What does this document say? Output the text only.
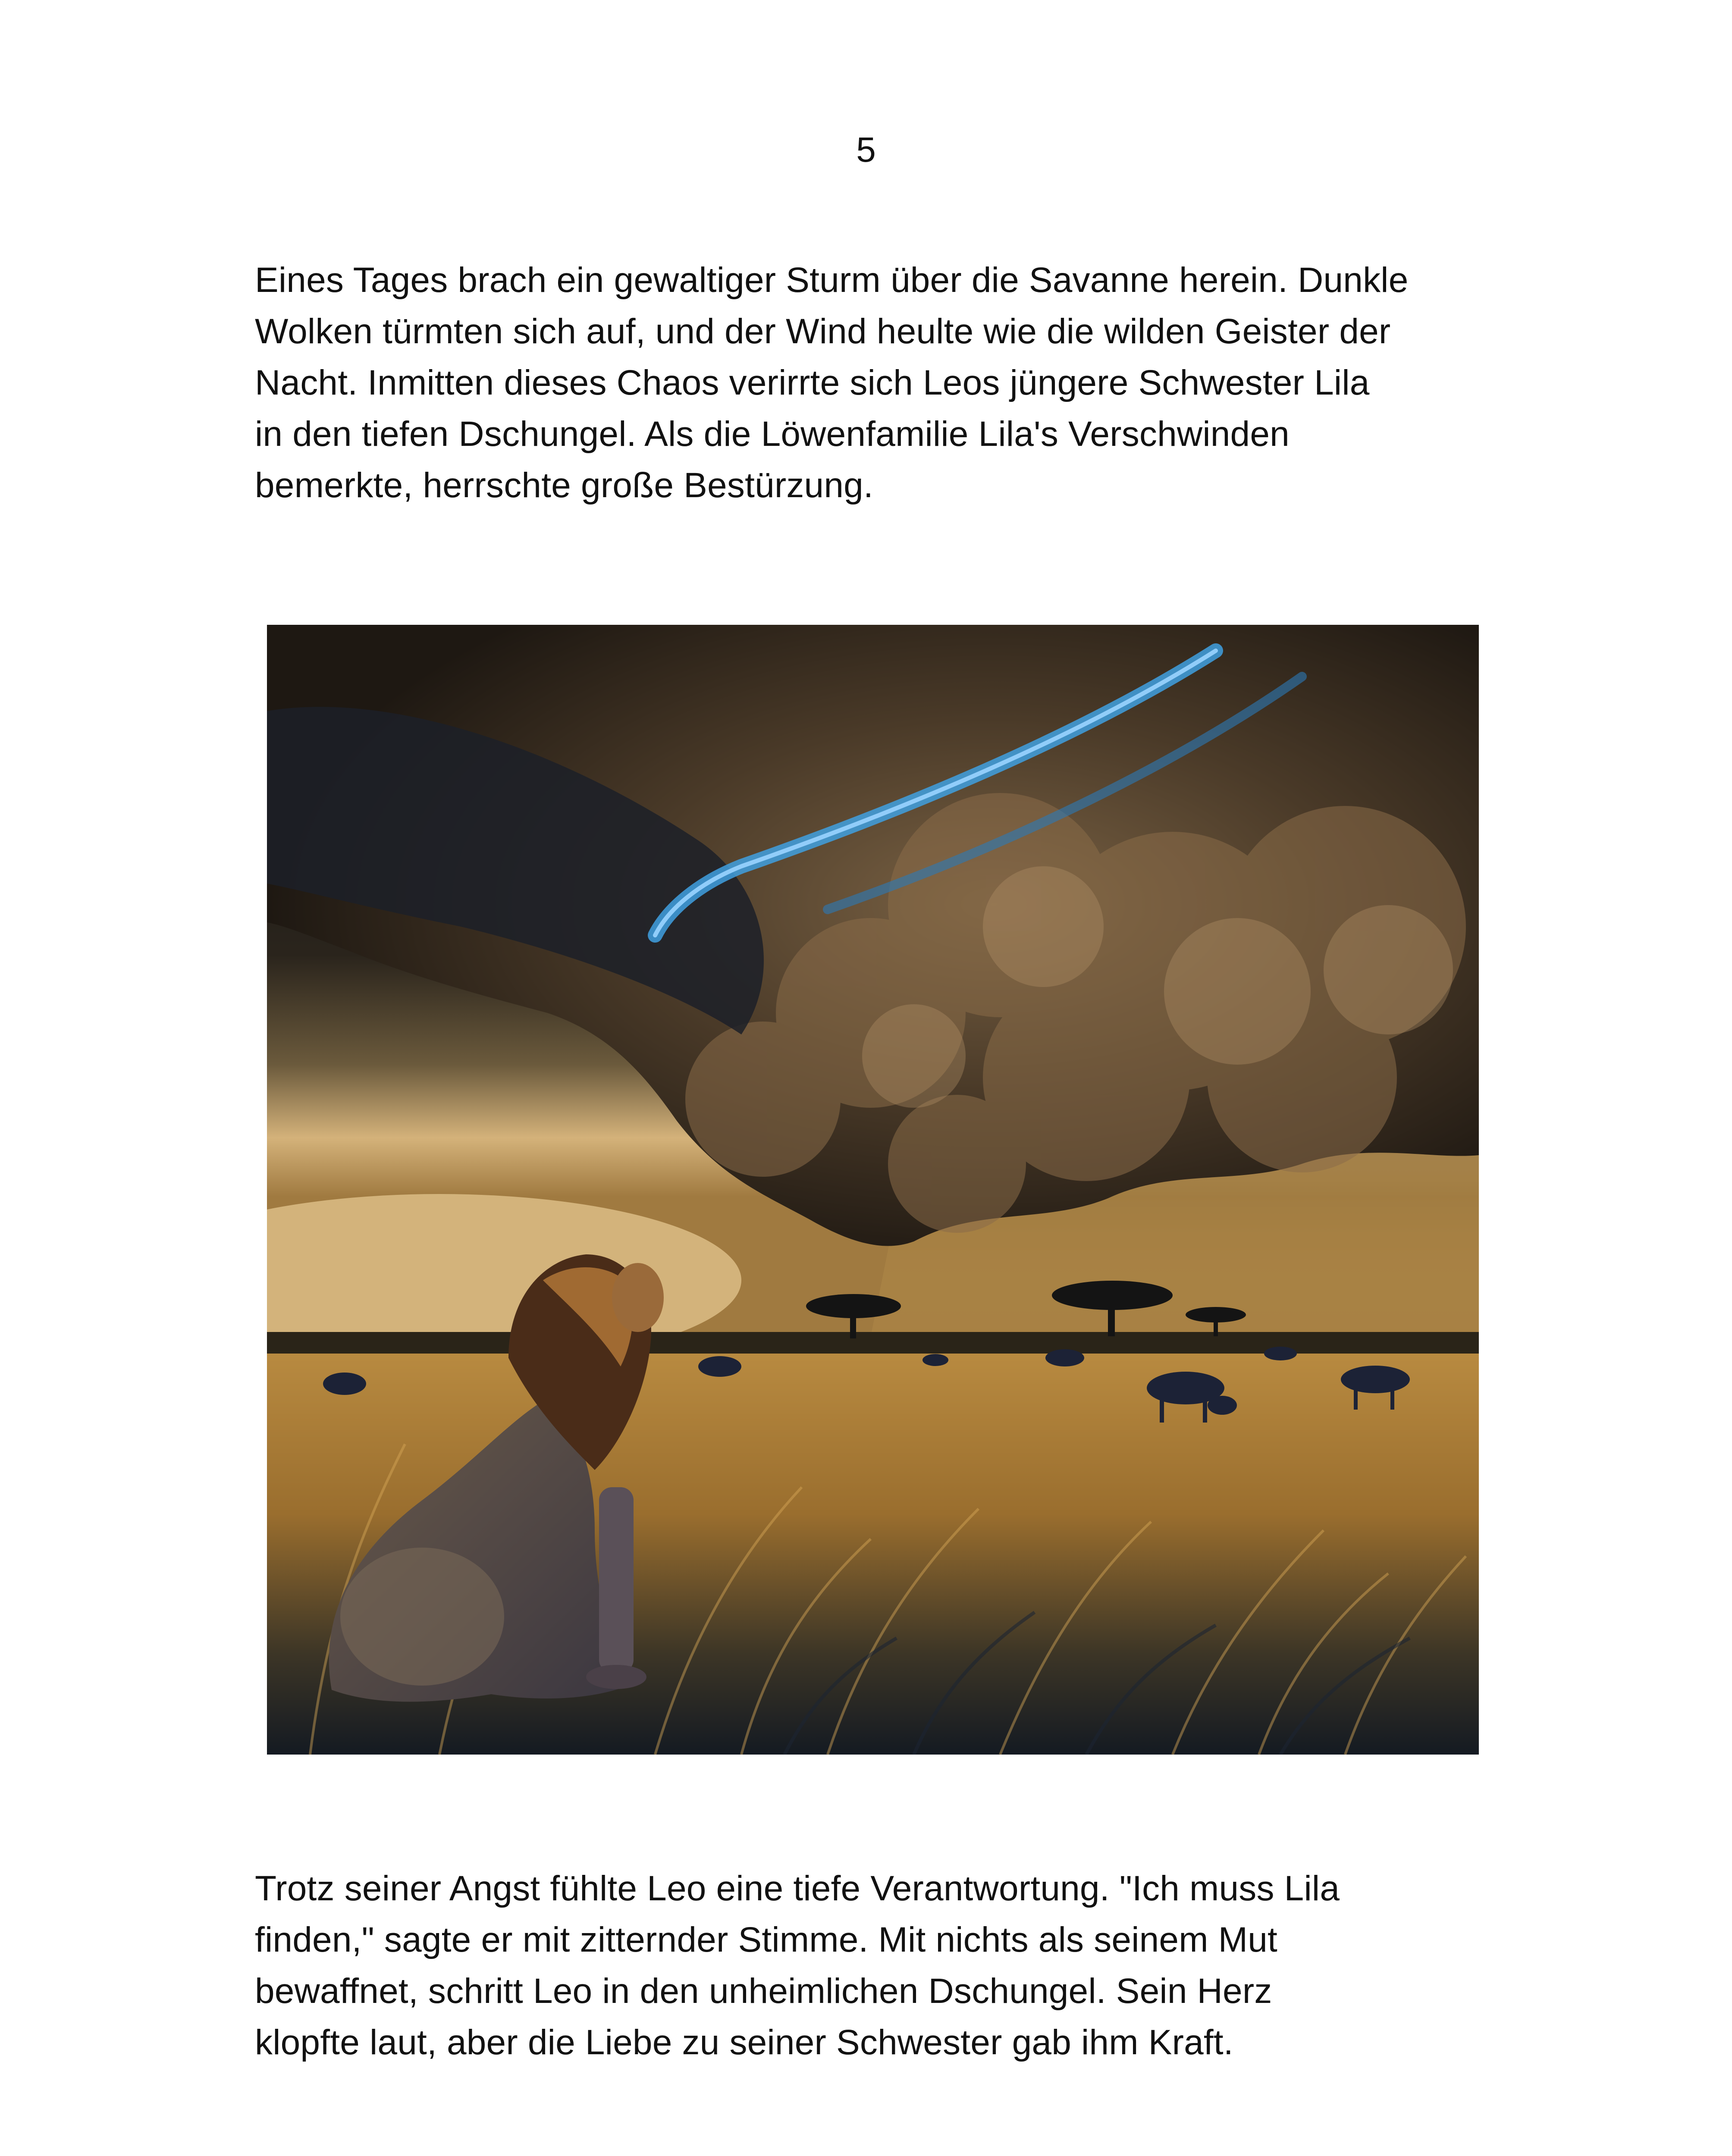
5
Eines Tages brach ein gewaltiger Sturm über die Savanne herein. Dunkle
Wolken türmten sich auf, und der Wind heulte wie die wilden Geister der
Nacht. Inmitten dieses Chaos verirrte sich Leos jüngere Schwester Lila
in den tiefen Dschungel. Als die Löwenfamilie Lila's Verschwinden
bemerkte, herrschte große Bestürzung.
Trotz seiner Angst fühlte Leo eine tiefe Verantwortung. "Ich muss Lila
finden," sagte er mit zitternder Stimme. Mit nichts als seinem Mut
bewaffnet, schritt Leo in den unheimlichen Dschungel. Sein Herz
klopfte laut, aber die Liebe zu seiner Schwester gab ihm Kraft.
